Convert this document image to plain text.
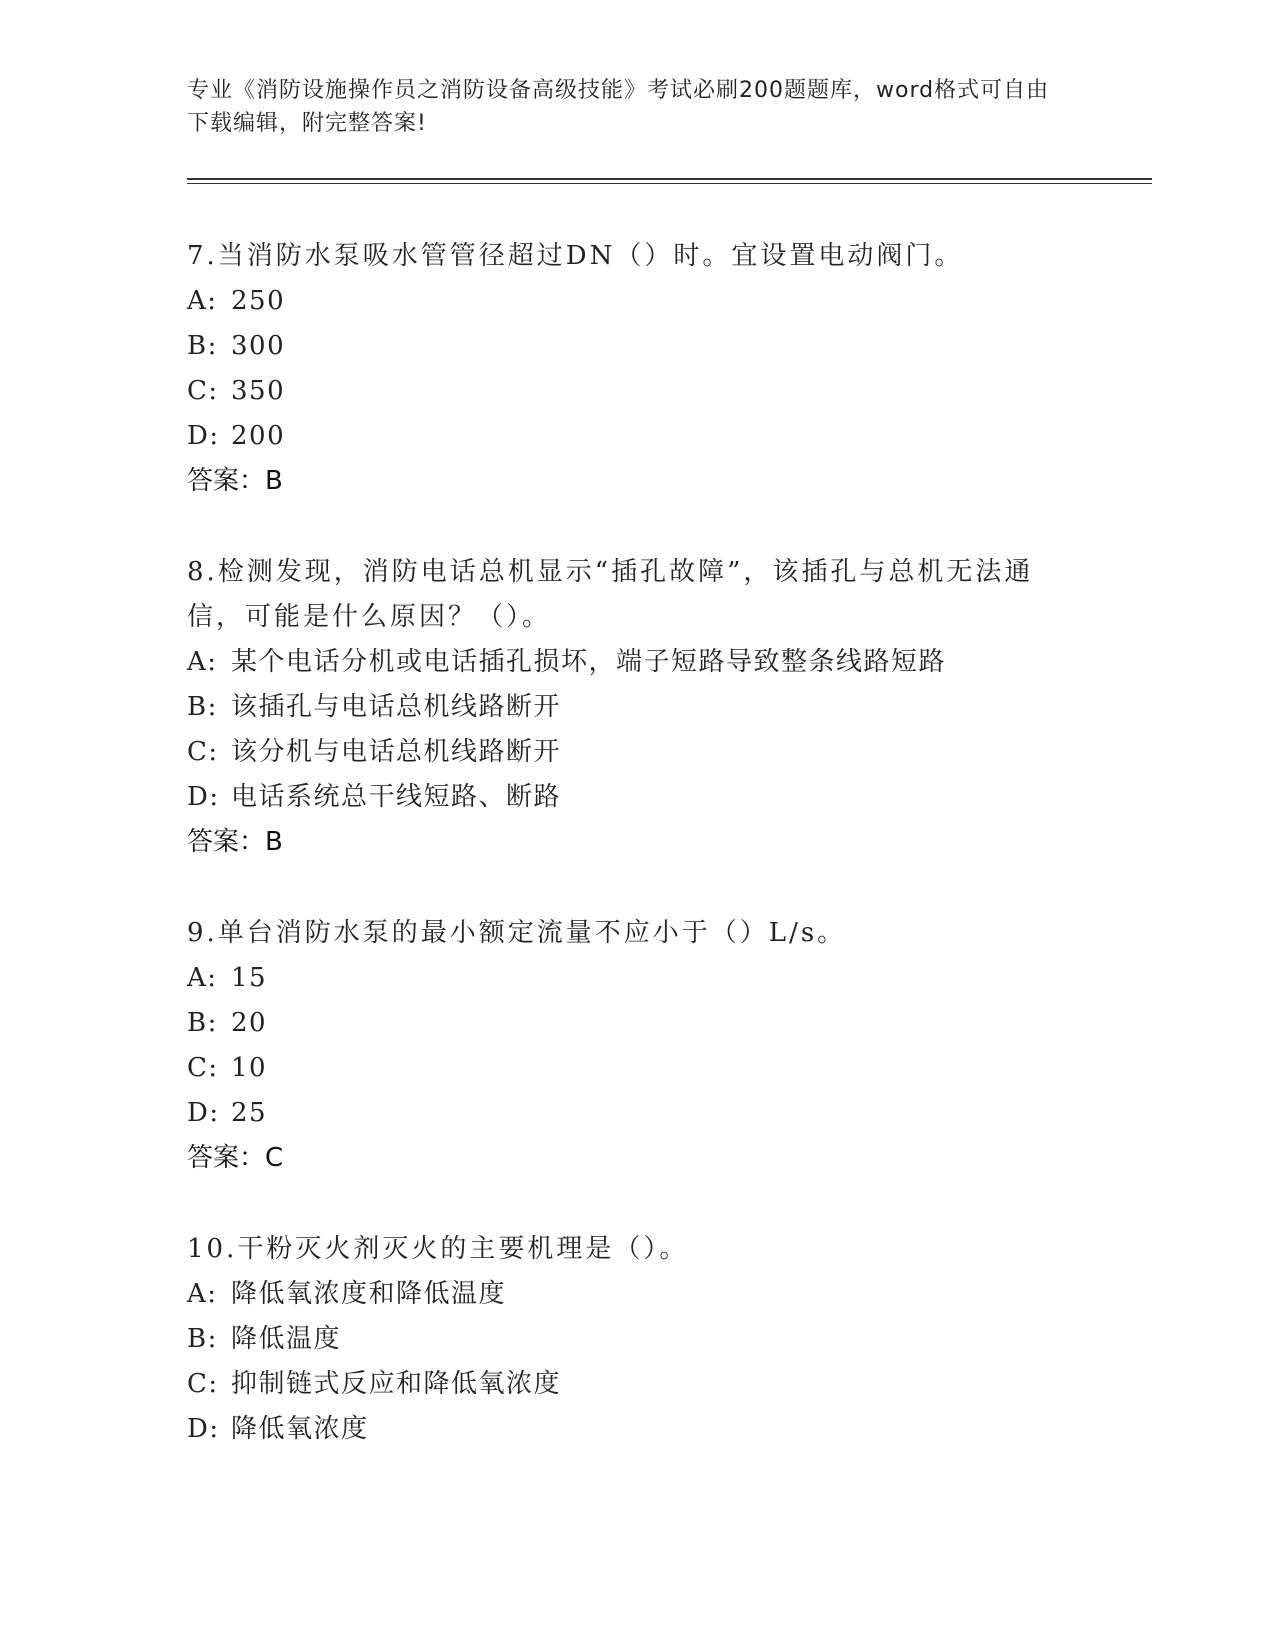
专业《消防设施操作员之消防设备高级技能》考试必刷200题题库，word格式可自由下载编辑，附完整答案!

7.当消防水泵吸水管管径超过DN（）时。宜设置电动阀门。

A: 250

B: 300

C: 350

D: 200

答案：B

8.检测发现，消防电话总机显示“插孔故障”，该插孔与总机无法通信，可能是什么原因？（）。

A: 某个电话分机或电话插孔损坏，端子短路导致整条线路短路

B: 该插孔与电话总机线路断开

C: 该分机与电话总机线路断开

D: 电话系统总干线短路、断路

答案：B

9.单台消防水泵的最小额定流量不应小于（）L/s。

A: 15

B: 20

C: 10

D: 25

答案：C

10.干粉灭火剂灭火的主要机理是（）。

A: 降低氧浓度和降低温度

B: 降低温度

C: 抑制链式反应和降低氧浓度

D: 降低氧浓度
